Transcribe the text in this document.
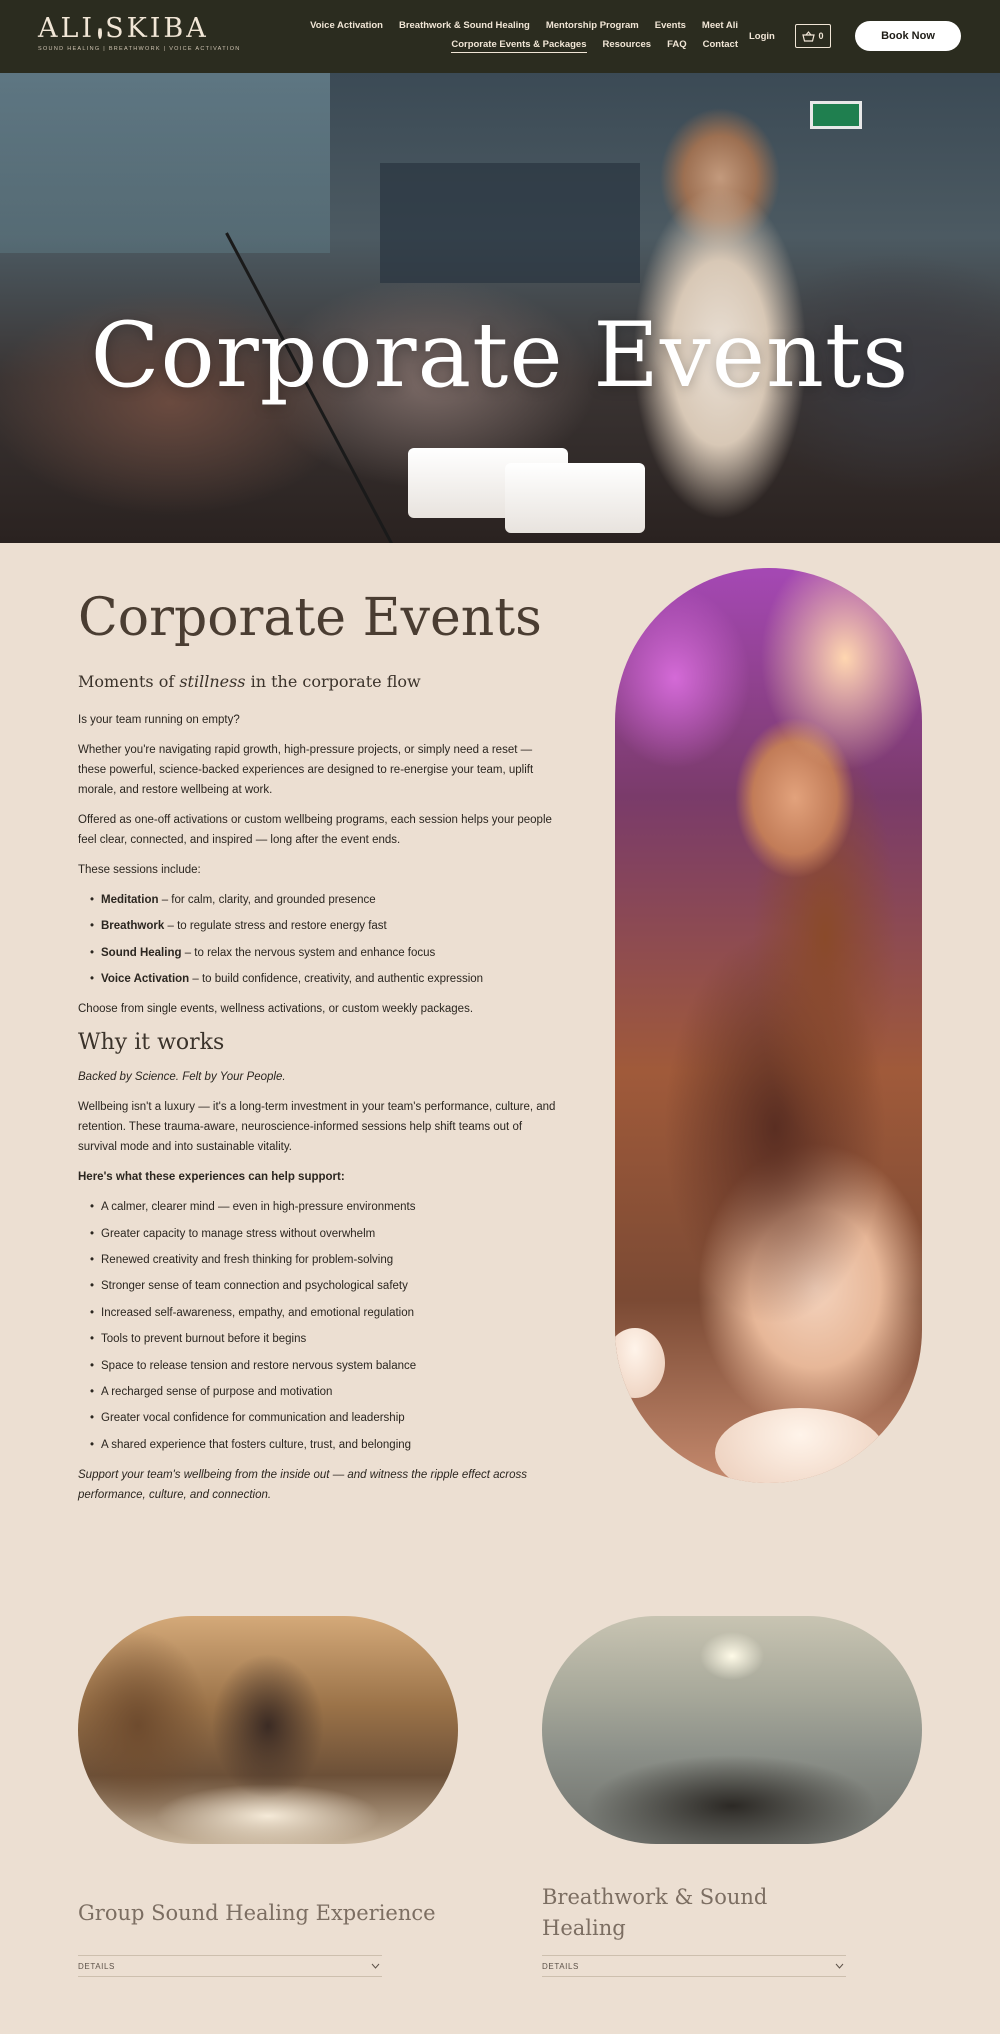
ALI SKIBA
SOUND HEALING | BREATHWORK | VOICE ACTIVATION
Voice Activation Breathwork & Sound Healing Mentorship Program Events Meet Ali
Corporate Events & Packages Resources FAQ Contact
Login	0	Book Now
Corporate Events
Corporate Events
Moments of stillness in the corporate flow

Is your team running on empty?

Whether you're navigating rapid growth, high-pressure projects, or simply need a reset — these powerful, science-backed experiences are designed to re-energise your team, uplift morale, and restore wellbeing at work.

Offered as one-off activations or custom wellbeing programs, each session helps your people feel clear, connected, and inspired — long after the event ends.

These sessions include:

• Meditation – for calm, clarity, and grounded presence
• Breathwork – to regulate stress and restore energy fast
• Sound Healing – to relax the nervous system and enhance focus
• Voice Activation – to build confidence, creativity, and authentic expression

Choose from single events, wellness activations, or custom weekly packages.

Why it works

Backed by Science. Felt by Your People.

Wellbeing isn't a luxury — it's a long-term investment in your team's performance, culture, and retention. These trauma-aware, neuroscience-informed sessions help shift teams out of survival mode and into sustainable vitality.

Here's what these experiences can help support:

• A calmer, clearer mind — even in high-pressure environments
• Greater capacity to manage stress without overwhelm
• Renewed creativity and fresh thinking for problem-solving
• Stronger sense of team connection and psychological safety
• Increased self-awareness, empathy, and emotional regulation
• Tools to prevent burnout before it begins
• Space to release tension and restore nervous system balance
• A recharged sense of purpose and motivation
• Greater vocal confidence for communication and leadership
• A shared experience that fosters culture, trust, and belonging

Support your team's wellbeing from the inside out — and witness the ripple effect across performance, culture, and connection.

Group Sound Healing Experience
Breathwork & Sound Healing
DETAILS	DETAILS
